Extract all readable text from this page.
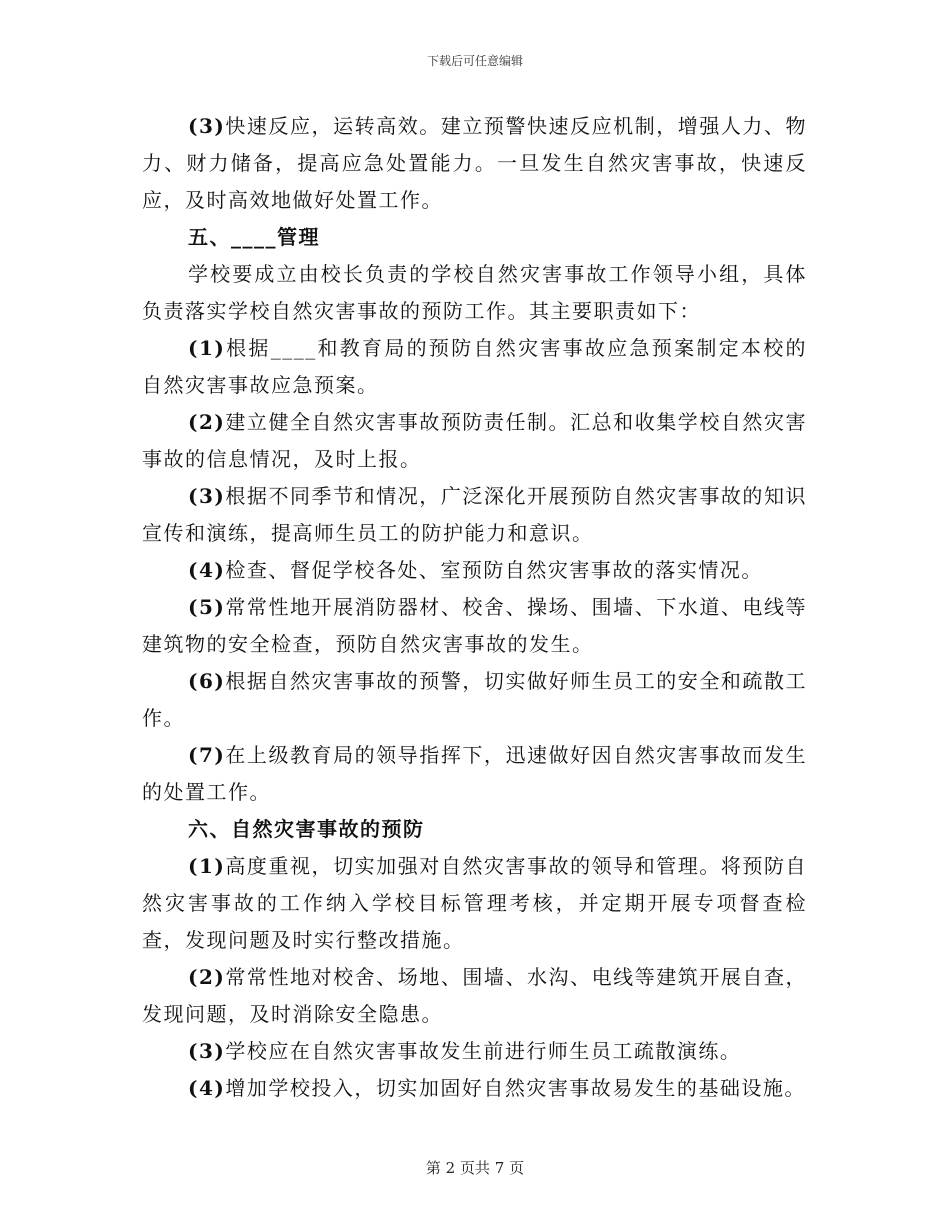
下载后可任意编辑

(3)快速反应，运转高效。建立预警快速反应机制，增强人力、物力、财力储备，提高应急处置能力。一旦发生自然灾害事故，快速反应，及时高效地做好处置工作。

五、____管理

学校要成立由校长负责的学校自然灾害事故工作领导小组，具体负责落实学校自然灾害事故的预防工作。其主要职责如下：

(1)根据____和教育局的预防自然灾害事故应急预案制定本校的自然灾害事故应急预案。

(2)建立健全自然灾害事故预防责任制。汇总和收集学校自然灾害事故的信息情况，及时上报。

(3)根据不同季节和情况，广泛深化开展预防自然灾害事故的知识宣传和演练，提高师生员工的防护能力和意识。

(4)检查、督促学校各处、室预防自然灾害事故的落实情况。

(5)常常性地开展消防器材、校舍、操场、围墙、下水道、电线等建筑物的安全检查，预防自然灾害事故的发生。

(6)根据自然灾害事故的预警，切实做好师生员工的安全和疏散工作。

(7)在上级教育局的领导指挥下，迅速做好因自然灾害事故而发生的处置工作。

六、自然灾害事故的预防

(1)高度重视，切实加强对自然灾害事故的领导和管理。将预防自然灾害事故的工作纳入学校目标管理考核，并定期开展专项督查检查，发现问题及时实行整改措施。

(2)常常性地对校舍、场地、围墙、水沟、电线等建筑开展自查，发现问题，及时消除安全隐患。

(3)学校应在自然灾害事故发生前进行师生员工疏散演练。

(4)增加学校投入，切实加固好自然灾害事故易发生的基础设施。

第 2 页共 7 页
